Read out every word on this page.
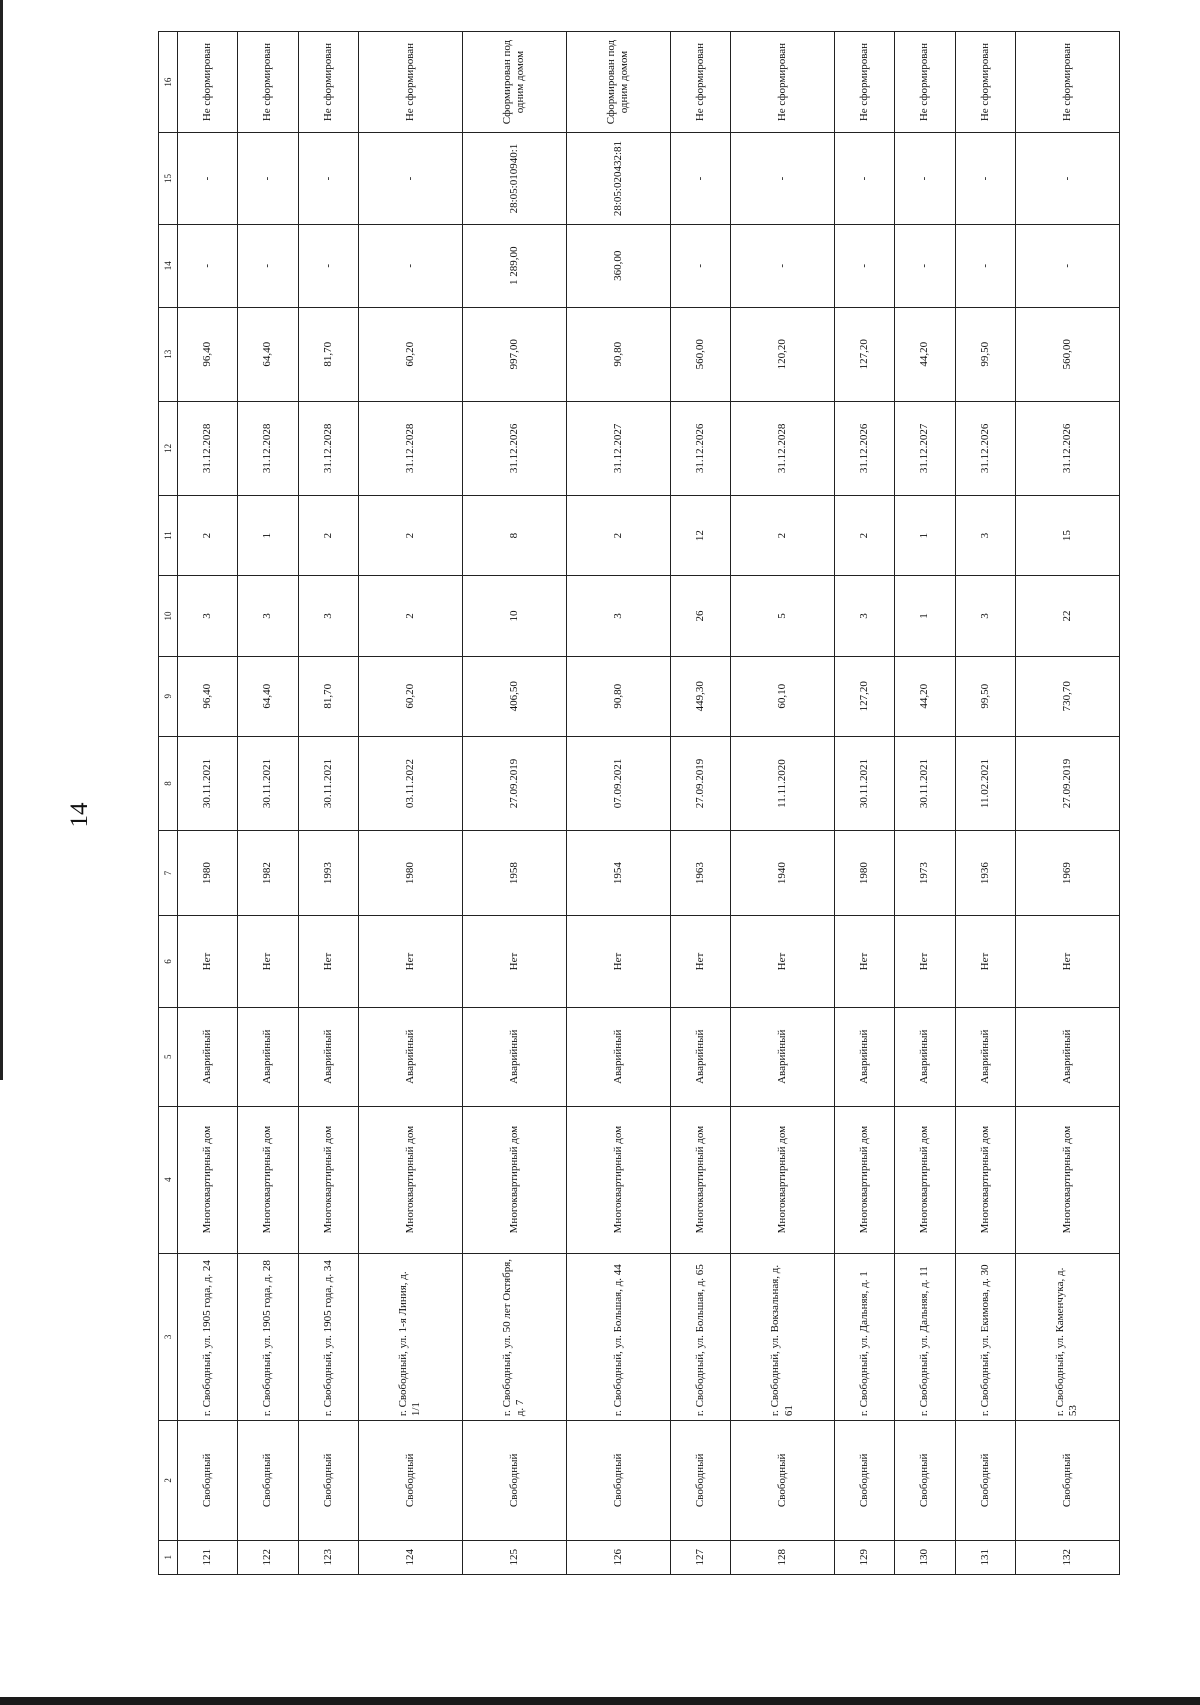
14
1	2	3	4	5	6	7	8	9	10	11	12	13	14	15	16
121	Свободный	г. Свободный, ул. 1905 года, д. 24	Многоквартирный дом	Аварийный	Нет	1980	30.11.2021	96,40	3	2	31.12.2028	96,40	-	-	Не сформирован
122	Свободный	г. Свободный, ул. 1905 года, д. 28	Многоквартирный дом	Аварийный	Нет	1982	30.11.2021	64,40	3	1	31.12.2028	64,40	-	-	Не сформирован
123	Свободный	г. Свободный, ул. 1905 года, д. 34	Многоквартирный дом	Аварийный	Нет	1993	30.11.2021	81,70	3	2	31.12.2028	81,70	-	-	Не сформирован
124	Свободный	г. Свободный, ул. 1-я Линия, д. 1/1	Многоквартирный дом	Аварийный	Нет	1980	03.11.2022	60,20	2	2	31.12.2028	60,20	-	-	Не сформирован
125	Свободный	г. Свободный, ул. 50 лет Октября, д. 7	Многоквартирный дом	Аварийный	Нет	1958	27.09.2019	406,50	10	8	31.12.2026	997,00	1 289,00	28:05:010940:1	Сформирован под одним домом
126	Свободный	г. Свободный, ул. Большая, д. 44	Многоквартирный дом	Аварийный	Нет	1954	07.09.2021	90,80	3	2	31.12.2027	90,80	360,00	28:05:020432:81	Сформирован под одним домом
127	Свободный	г. Свободный, ул. Большая, д. 65	Многоквартирный дом	Аварийный	Нет	1963	27.09.2019	449,30	26	12	31.12.2026	560,00	-	-	Не сформирован
128	Свободный	г. Свободный, ул. Вокзальная, д. 61	Многоквартирный дом	Аварийный	Нет	1940	11.11.2020	60,10	5	2	31.12.2028	120,20	-	-	Не сформирован
129	Свободный	г. Свободный, ул. Дальняя, д. 1	Многоквартирный дом	Аварийный	Нет	1980	30.11.2021	127,20	3	2	31.12.2026	127,20	-	-	Не сформирован
130	Свободный	г. Свободный, ул. Дальняя, д. 11	Многоквартирный дом	Аварийный	Нет	1973	30.11.2021	44,20	1	1	31.12.2027	44,20	-	-	Не сформирован
131	Свободный	г. Свободный, ул. Екимова, д. 30	Многоквартирный дом	Аварийный	Нет	1936	11.02.2021	99,50	3	3	31.12.2026	99,50	-	-	Не сформирован
132	Свободный	г. Свободный, ул. Каменчука, д. 53	Многоквартирный дом	Аварийный	Нет	1969	27.09.2019	730,70	22	15	31.12.2026	560,00	-	-	Не сформирован
